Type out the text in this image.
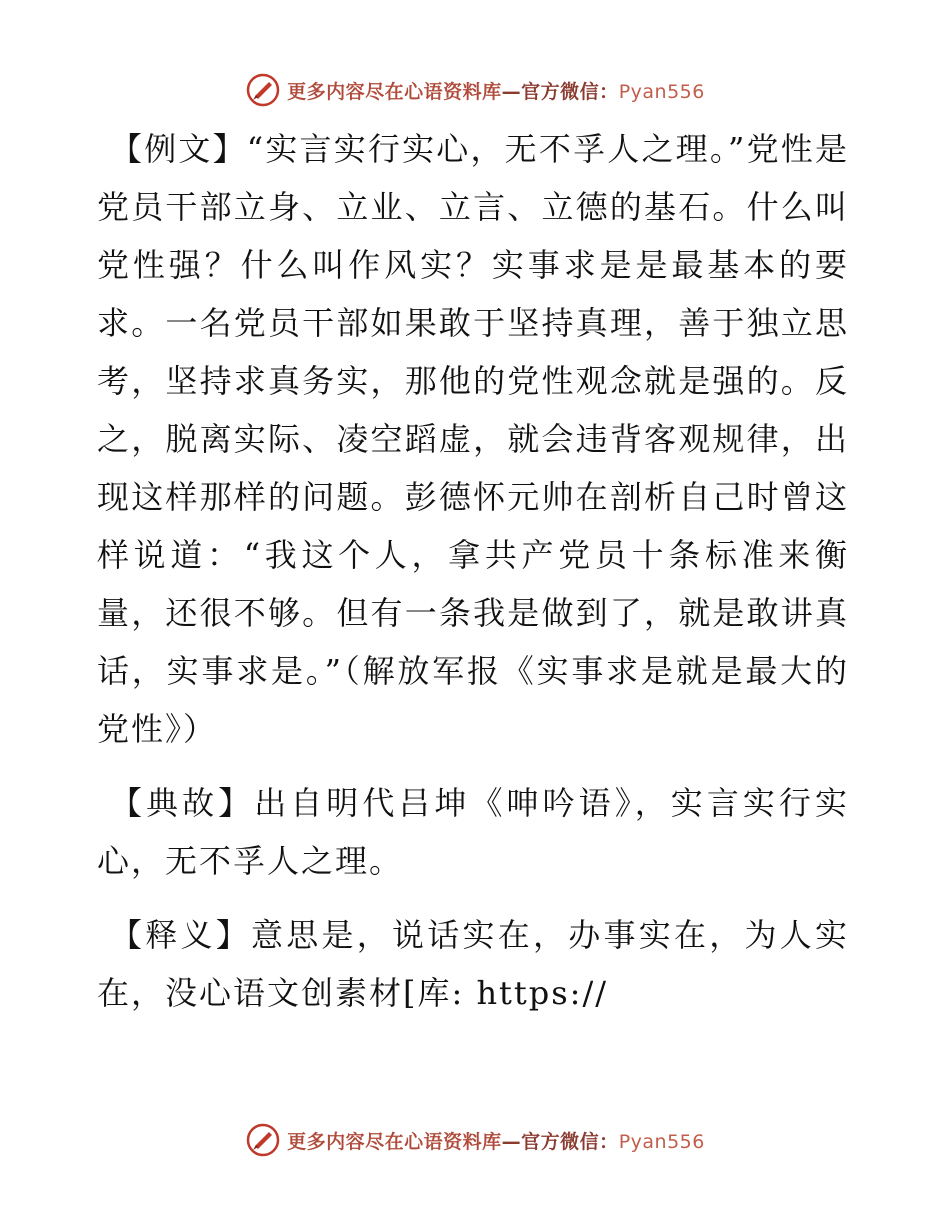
更多内容尽在心语资料库—官方微信：Pyan556

【例文】“实言实行实心，无不孚人之理。”党性是党员干部立身、立业、立言、立德的基石。什么叫党性强？什么叫作风实？实事求是是最基本的要求。一名党员干部如果敢于坚持真理，善于独立思考，坚持求真务实，那他的党性观念就是强的。反之，脱离实际、凌空蹈虚，就会违背客观规律，出现这样那样的问题。彭德怀元帅在剖析自己时曾这样说道：“我这个人，拿共产党员十条标准来衡量，还很不够。但有一条我是做到了，就是敢讲真话，实事求是。”（解放军报《实事求是就是最大的党性》）

【典故】出自明代吕坤《呻吟语》，实言实行实心，无不孚人之理。

【释义】意思是，说话实在，办事实在，为人实在，没心语文创素材[库: https://

更多内容尽在心语资料库—官方微信：Pyan556
